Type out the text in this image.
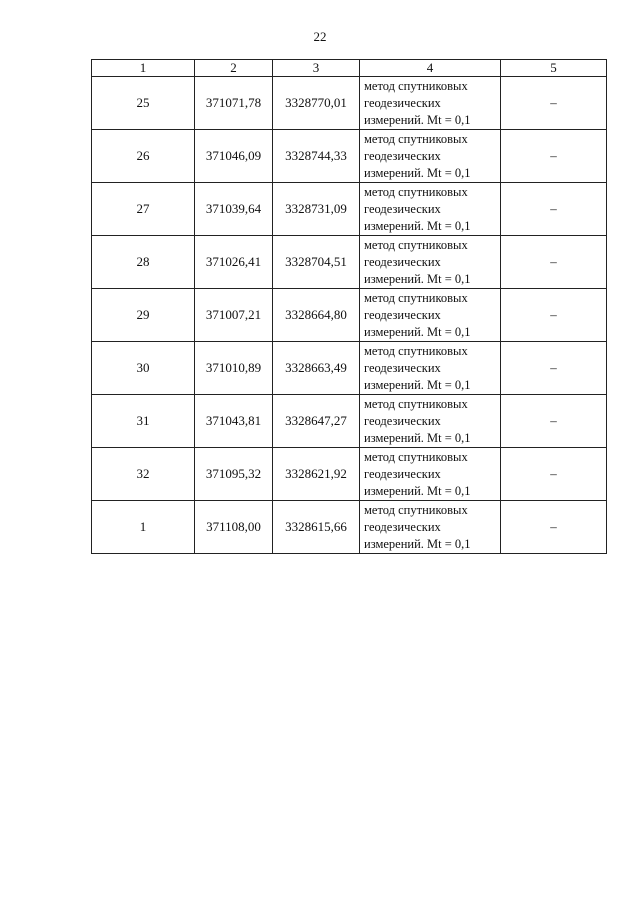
22
1	2	3	4	5
25	371071,78	3328770,01	метод спутниковых
геодезических
измерений. Mt = 0,1	–
26	371046,09	3328744,33	метод спутниковых
геодезических
измерений. Mt = 0,1	–
27	371039,64	3328731,09	метод спутниковых
геодезических
измерений. Mt = 0,1	–
28	371026,41	3328704,51	метод спутниковых
геодезических
измерений. Mt = 0,1	–
29	371007,21	3328664,80	метод спутниковых
геодезических
измерений. Mt = 0,1	–
30	371010,89	3328663,49	метод спутниковых
геодезических
измерений. Mt = 0,1	–
31	371043,81	3328647,27	метод спутниковых
геодезических
измерений. Mt = 0,1	–
32	371095,32	3328621,92	метод спутниковых
геодезических
измерений. Mt = 0,1	–
1	371108,00	3328615,66	метод спутниковых
геодезических
измерений. Mt = 0,1	–
